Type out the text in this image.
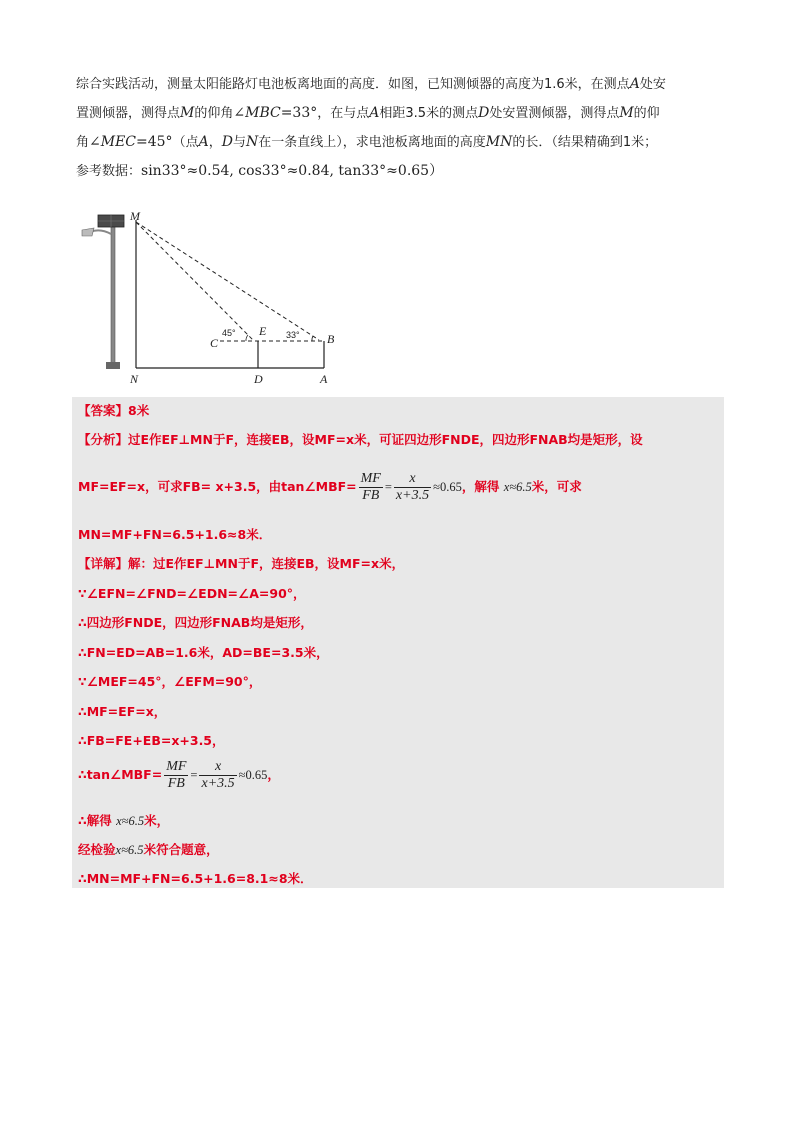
综合实践活动，测量太阳能路灯电池板离地面的高度．如图，已知测倾器的高度为1.6米，在测点A处安

置测倾器，测得点M的仰角∠MBC=33°，在与点A相距3.5米的测点D处安置测倾器，测得点M的仰

角∠MEC=45°（点A，D与N在一条直线上），求电池板离地面的高度MN的长．（结果精确到1米；

参考数据：sin33°≈0.54, cos33°≈0.84, tan33°≈0.65）

M
C
E
B
N	D	A
45°	33°
【答案】8米
【分析】过E作EF⊥MN于F，连接EB，设MF=x米，可证四边形FNDE，四边形FNAB均是矩形，设
MF=EF=x，可求FB= x+3.5，由tan∠MBF= $\frac{MF}{FB} = \frac{x}{x+3.5} \approx 0.65$，解得 x≈6.5米，可求
MN=MF+FN=6.5+1.6≈8米．
【详解】解：过E作EF⊥MN于F，连接EB，设MF=x米，
∵∠EFN=∠FND=∠EDN=∠A=90°，
∴四边形FNDE，四边形FNAB均是矩形，
∴FN=ED=AB=1.6米，AD=BE=3.5米，
∵∠MEF=45°，∠EFM=90°，
∴MF=EF=x，
∴FB=FE+EB=x+3.5，
∴tan∠MBF= $\frac{MF}{FB} = \frac{x}{x+3.5} \approx 0.65$，
∴解得 x≈6.5米，
经检验x≈6.5米符合题意，
∴MN=MF+FN=6.5+1.6=8.1≈8米．
